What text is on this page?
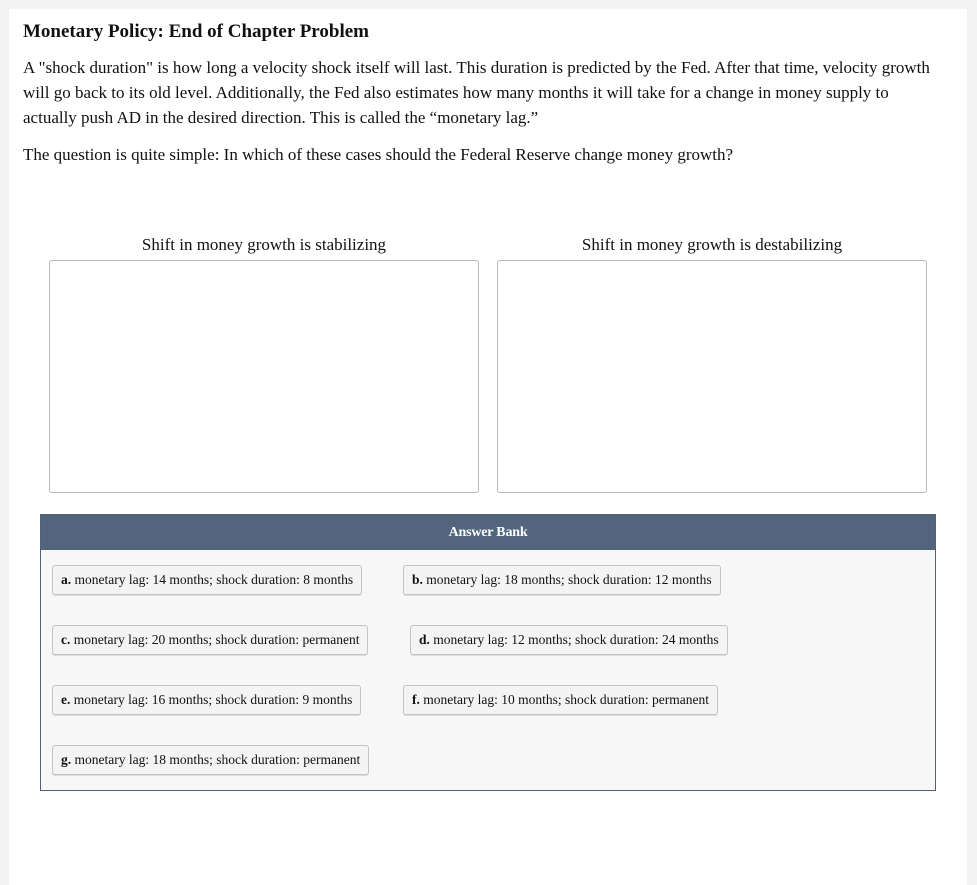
Monetary Policy: End of Chapter Problem

A "shock duration" is how long a velocity shock itself will last. This duration is predicted by the Fed. After that time, velocity growth will go back to its old level. Additionally, the Fed also estimates how many months it will take for a change in money supply to actually push AD in the desired direction. This is called the “monetary lag.”

The question is quite simple: In which of these cases should the Federal Reserve change money growth?

Shift in money growth is stabilizing	Shift in money growth is destabilizing
Answer Bank
a. monetary lag: 14 months; shock duration: 8 months	b. monetary lag: 18 months; shock duration: 12 months
c. monetary lag: 20 months; shock duration: permanent	d. monetary lag: 12 months; shock duration: 24 months
e. monetary lag: 16 months; shock duration: 9 months	f. monetary lag: 10 months; shock duration: permanent
g. monetary lag: 18 months; shock duration: permanent
